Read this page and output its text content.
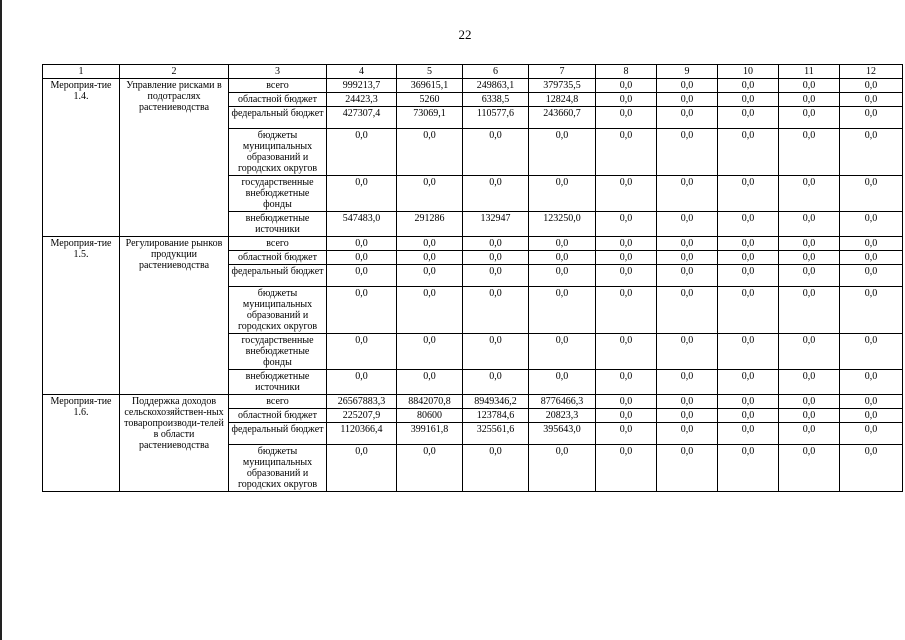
22
1	2	3	4	5	6	7	8	9	10	11	12
Мероприя-тие 1.4.	Управление рисками в подотраслях растениеводства	всего	999213,7	369615,1	249863,1	379735,5	0,0	0,0	0,0	0,0	0,0
		областной бюджет	24423,3	5260	6338,5	12824,8	0,0	0,0	0,0	0,0	0,0
		федеральный бюджет	427307,4	73069,1	110577,6	243660,7	0,0	0,0	0,0	0,0	0,0
		бюджеты муниципальных образований и городских округов	0,0	0,0	0,0	0,0	0,0	0,0	0,0	0,0	0,0
		государственные внебюджетные фонды	0,0	0,0	0,0	0,0	0,0	0,0	0,0	0,0	0,0
		внебюджетные источники	547483,0	291286	132947	123250,0	0,0	0,0	0,0	0,0	0,0
Мероприя-тие 1.5.	Регулирование рынков продукции растениеводства	всего	0,0	0,0	0,0	0,0	0,0	0,0	0,0	0,0	0,0
		областной бюджет	0,0	0,0	0,0	0,0	0,0	0,0	0,0	0,0	0,0
		федеральный бюджет	0,0	0,0	0,0	0,0	0,0	0,0	0,0	0,0	0,0
		бюджеты муниципальных образований и городских округов	0,0	0,0	0,0	0,0	0,0	0,0	0,0	0,0	0,0
		государственные внебюджетные фонды	0,0	0,0	0,0	0,0	0,0	0,0	0,0	0,0	0,0
		внебюджетные источники	0,0	0,0	0,0	0,0	0,0	0,0	0,0	0,0	0,0
Мероприя-тие 1.6.	Поддержка доходов сельскохозяйствен-ных товаропроизводи-телей в области растениеводства	всего	26567883,3	8842070,8	8949346,2	8776466,3	0,0	0,0	0,0	0,0	0,0
		областной бюджет	225207,9	80600	123784,6	20823,3	0,0	0,0	0,0	0,0	0,0
		федеральный бюджет	1120366,4	399161,8	325561,6	395643,0	0,0	0,0	0,0	0,0	0,0
		бюджеты муниципальных образований и городских округов	0,0	0,0	0,0	0,0	0,0	0,0	0,0	0,0	0,0
